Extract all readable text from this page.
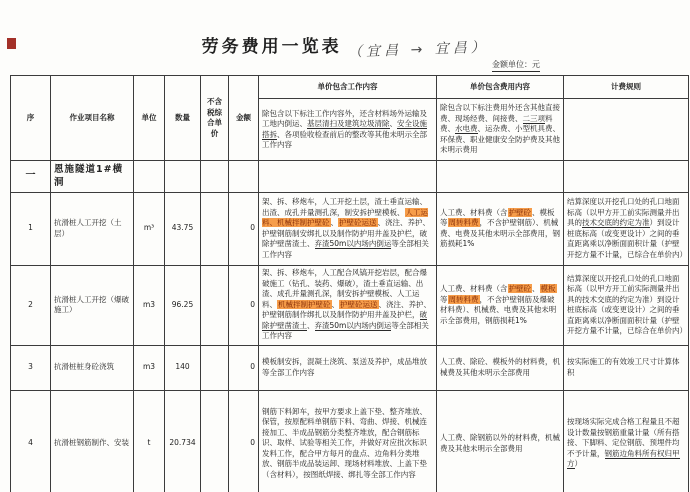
劳务费用一览表 （宜昌 → 宜昌）
金额单位：元
序	作业项目名称	单位	数量	不含税综合单价	金额	单价包含工作内容	单价包含费用内容	计费规则
						除包含以下标注工作内容外，还含材料场外运输及工地内倒运、基层清扫及建筑垃圾清除、安全设施搭拆、各项验收检查前后的整改等其他未明示全部工作内容	除包含以下标注费用外还含其他直接费、现场经费、间接费、二三项料费、水电费、运杂费、小型机具费、环保费、职业健康安全防护费及其他未明示费用	
一	恩施隧道1#横洞							
1	抗滑桩人工开挖（土层）	m³	43.75		0	架、拆、移炮车，人工开挖土层，渣土垂直运输、出渣、成孔并量测孔深，制安拆护壁模板、人工运料、机械拌制护壁砼、护壁砼运送、浇注、养护、护壁钢筋制安绑扎以及制作防护用井盖及护栏，破除护壁凿渣土、弃渣50m以内场内倒运等全部相关工作内容	人工费、材料费（含护壁砼、模板等周转料费，不含护壁钢筋）、机械费、电费及其他未明示全部费用，钢筋损耗1%	结算深度以开挖孔口处的孔口地面标高（以甲方开工前实际测量并出具的技术交底的约定为准）到设计桩底标高（或变更设计）之间的垂直距离乘以净断面面积计量（护壁开挖方量不计量，已综合在单价内）
2	抗滑桩人工开挖（爆破施工）	m3	96.25		0	架、拆、移炮车，人工配合风镐开挖岩层，配合爆破施工（钻孔、装药、爆破），渣土垂直运输、出渣、成孔并量测孔深，制安拆护壁模板、人工运料、机械拌制护壁砼、护壁砼运送、浇注、养护、护壁钢筋制作绑扎以及制作防护用井盖及护栏，破除护壁凿渣土、弃渣50m以内场内倒运等全部相关工作内容	人工费、材料费（含护壁砼、模板等周转料费，不含护壁钢筋及爆破材料费）、机械费、电费及其他未明示全部费用，钢筋损耗1%	结算深度以开挖孔口处的孔口地面标高（以甲方开工前实际测量并出具的技术交底的约定为准）到设计桩底标高（或变更设计）之间的垂直距离乘以净断面面积计量（护壁开挖方量不计量，已综合在单价内）
3	抗滑桩桩身砼浇筑	m3	140		0	模板制安拆，混凝土浇筑、泵送及养护，成品堆放等全部工作内容	人工费、除砼、模板外的材料费，机械费及其他未明示全部费用	按实际施工的有效竣工尺寸计算体积
4	抗滑桩钢筋制作、安装	t	20.734		0	钢筋下料卸车，按甲方要求上盖下垫、整齐堆放、保管，按原配料单钢筋下料、弯曲、焊接、机械连接加工、半成品钢筋分类整齐堆放，配合钢筋标识、取样、试验等相关工作，并做好对应批次标识发料工作，配合甲方每月的盘点、边角料分类堆放、钢筋半成品装运卸、现场材料堆放、上盖下垫（含材料），按图纸焊接、绑扎等全部工作内容	人工费、除钢筋以外的材料费，机械费及其他未明示全部费用	按现场实际完成合格工程量且不超设计数量按钢筋重量计量（所有搭接、下脚料、定位钢筋、预埋件均不予计量，钢筋边角料所有权归甲方）
